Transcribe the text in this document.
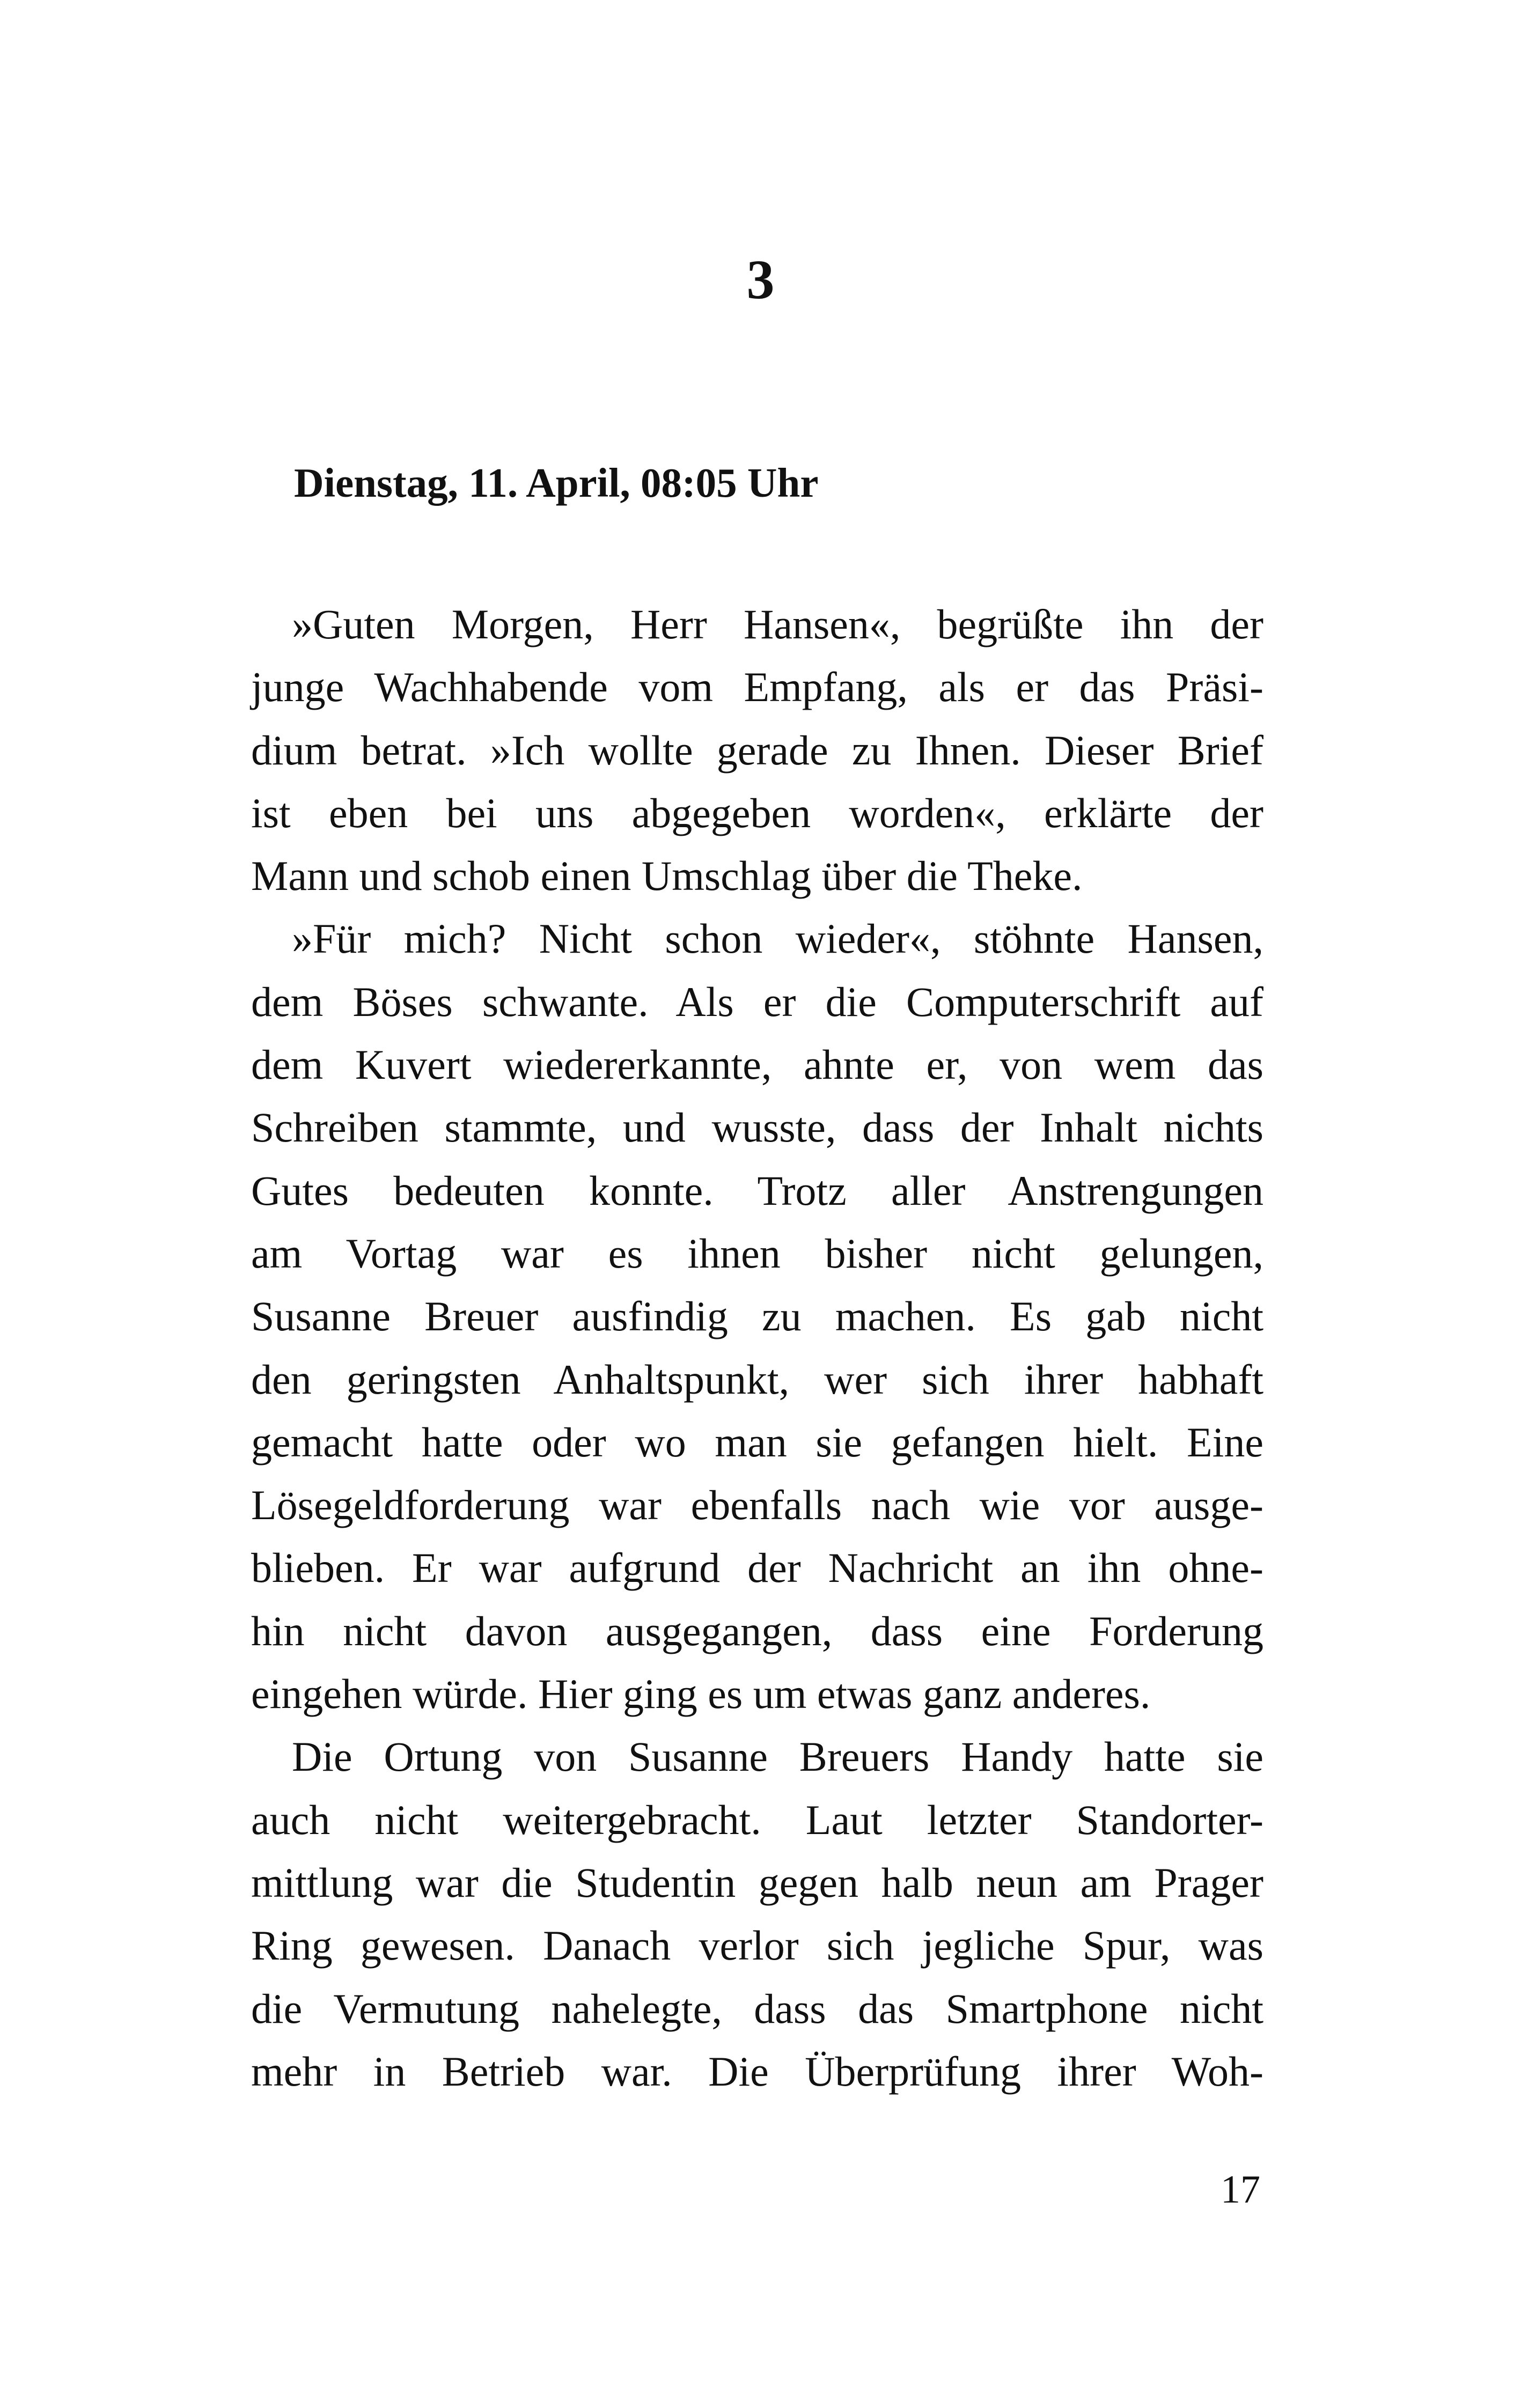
3
Dienstag, 11. April, 08:05 Uhr
»Guten Morgen, Herr Hansen«, begrüßte ihn der
junge Wachhabende vom Empfang, als er das Präsi-
dium betrat. »Ich wollte gerade zu Ihnen. Dieser Brief
ist eben bei uns abgegeben worden«, erklärte der
Mann und schob einen Umschlag über die Theke.
»Für mich? Nicht schon wieder«, stöhnte Hansen,
dem Böses schwante. Als er die Computerschrift auf
dem Kuvert wiedererkannte, ahnte er, von wem das
Schreiben stammte, und wusste, dass der Inhalt nichts
Gutes bedeuten konnte. Trotz aller Anstrengungen
am Vortag war es ihnen bisher nicht gelungen,
Susanne Breuer ausfindig zu machen. Es gab nicht
den geringsten Anhaltspunkt, wer sich ihrer habhaft
gemacht hatte oder wo man sie gefangen hielt. Eine
Lösegeldforderung war ebenfalls nach wie vor ausge-
blieben. Er war aufgrund der Nachricht an ihn ohne-
hin nicht davon ausgegangen, dass eine Forderung
eingehen würde. Hier ging es um etwas ganz anderes.
Die Ortung von Susanne Breuers Handy hatte sie
auch nicht weitergebracht. Laut letzter Standorter-
mittlung war die Studentin gegen halb neun am Prager
Ring gewesen. Danach verlor sich jegliche Spur, was
die Vermutung nahelegte, dass das Smartphone nicht
mehr in Betrieb war. Die Überprüfung ihrer Woh-
17
